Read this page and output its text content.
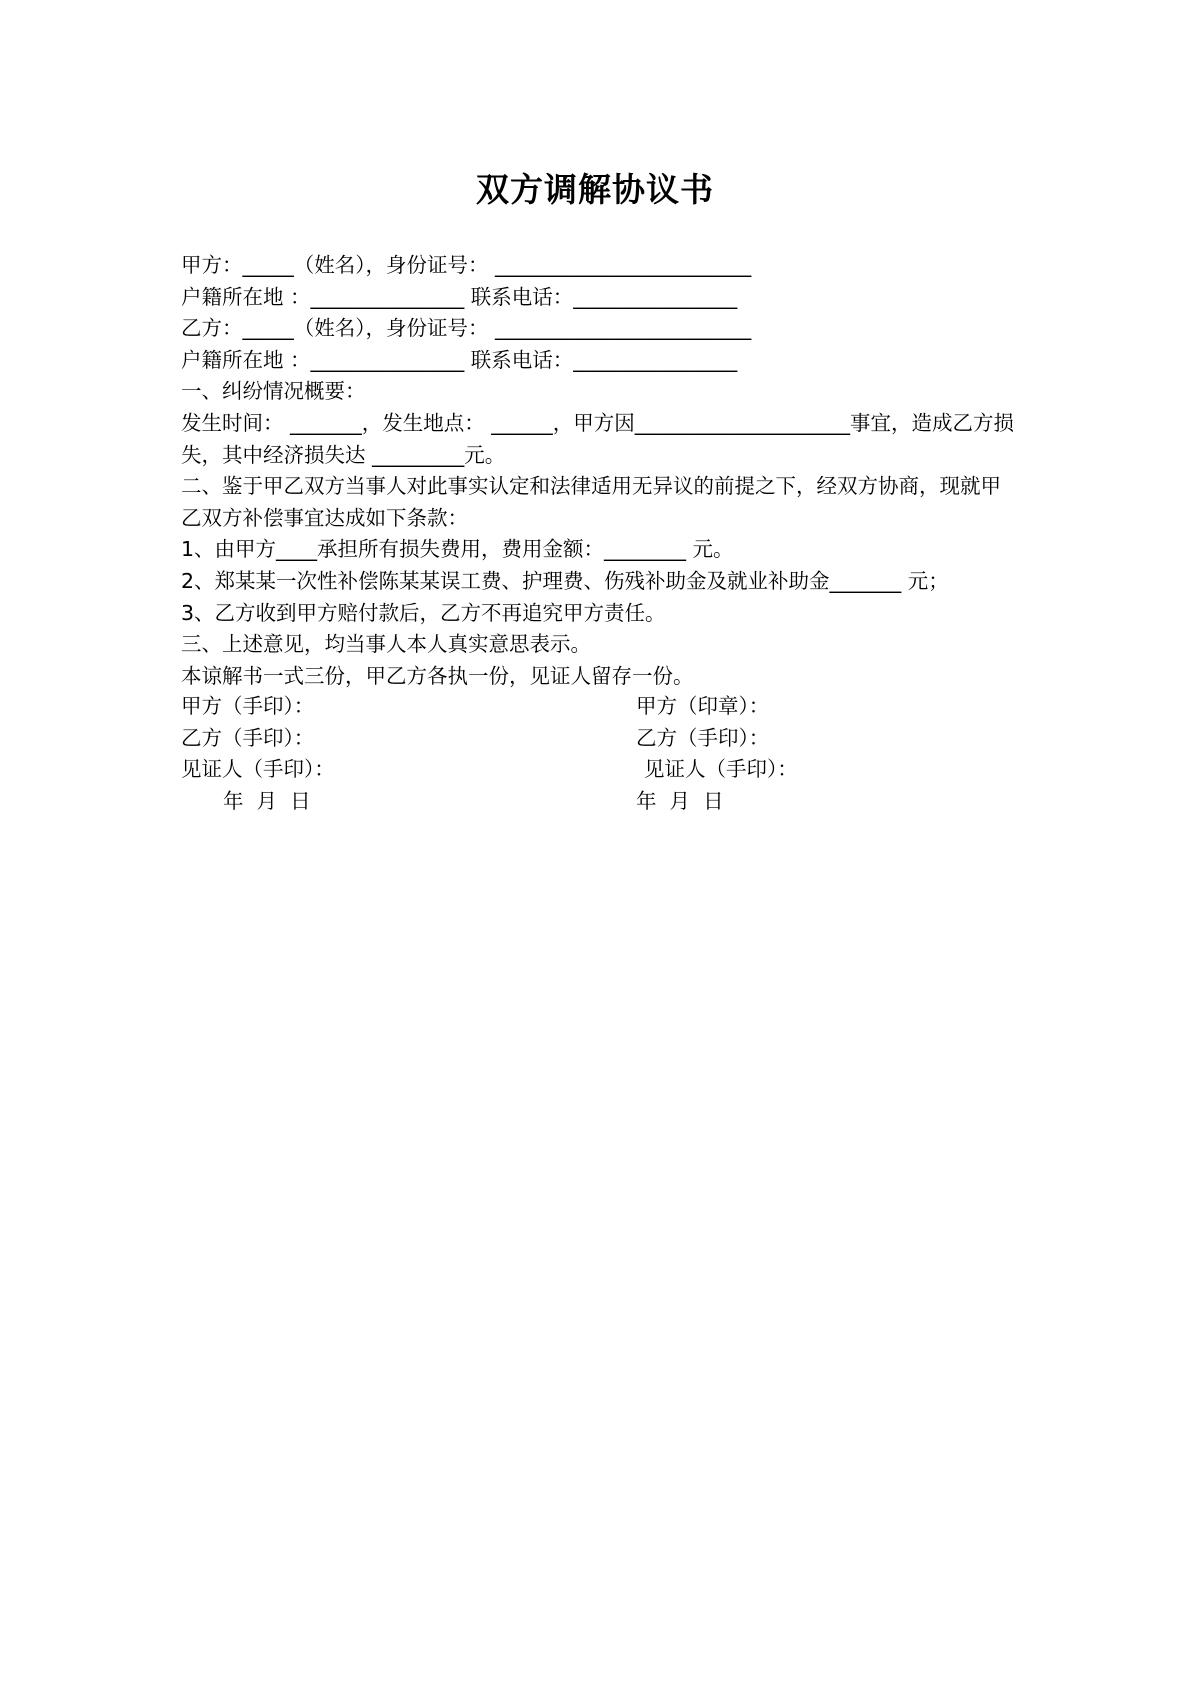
双方调解协议书
甲方：_____（姓名），身份证号： _________________________
户籍所在地 ：_______________ 联系电话：________________
乙方：_____（姓名），身份证号： _________________________
户籍所在地 ：_______________ 联系电话：________________
一、纠纷情况概要：
发生时间： _______，发生地点： ______，甲方因_____________________事宜，造成乙方损失，其中经济损失达 _________元。
二、鉴于甲乙双方当事人对此事实认定和法律适用无异议的前提之下，经双方协商，现就甲乙双方补偿事宜达成如下条款：
1、由甲方____承担所有损失费用，费用金额：________ 元。
2、郑某某一次性补偿陈某某误工费、护理费、伤残补助金及就业补助金_______ 元；
3、乙方收到甲方赔付款后，乙方不再追究甲方责任。
三、上述意见，均当事人本人真实意思表示。
本谅解书一式三份，甲乙方各执一份，见证人留存一份。
甲方（手印）：	甲方（印章）：
乙方（手印）：	乙方（手印）：
见证人（手印）：	见证人（手印）：
年  月  日	年  月  日
